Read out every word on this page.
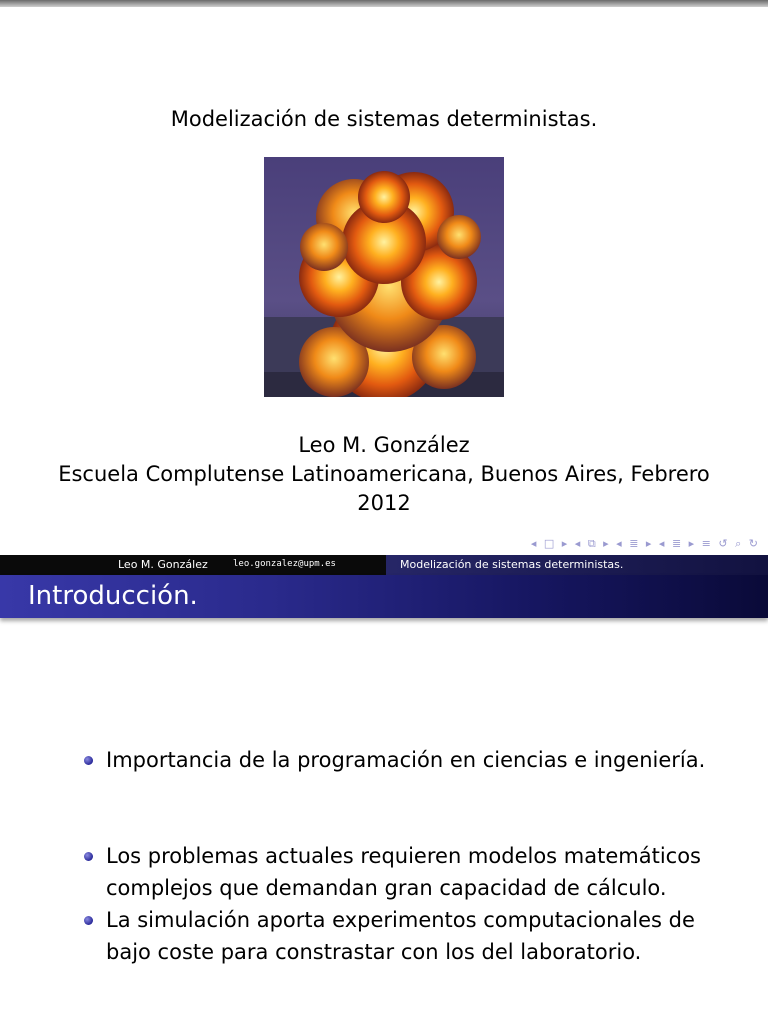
Modelización de sistemas deterministas.
Leo M. González
Escuela Complutense Latinoamericana, Buenos Aires, Febrero
2012
◂ □ ▸ ◂ ⧉ ▸ ◂ ≣ ▸ ◂ ≣ ▸ ≡ ↺ ⌕ ↻
Leo M. González	leo.gonzalez@upm.es	Modelización de sistemas deterministas.
Introducción.
Importancia de la programación en ciencias e ingeniería.
Los problemas actuales requieren modelos matemáticos complejos que demandan gran capacidad de cálculo.
La simulación aporta experimentos computacionales de bajo coste para constrastar con los del laboratorio.
